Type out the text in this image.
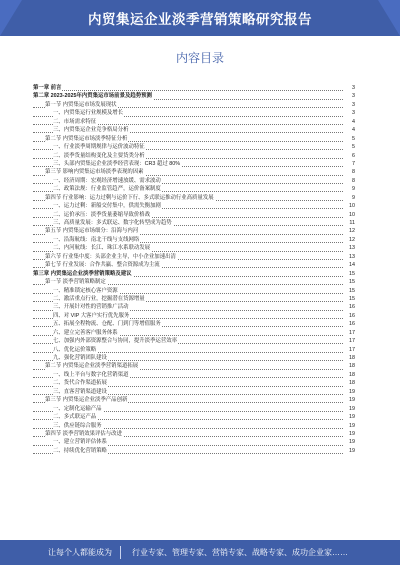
内贸集运企业淡季营销策略研究报告
内容目录
第一章 前言	3
第二章 2023-2025年内贸集运市场前景及趋势预测	3
第一节 内贸集运市场发展现状	3
一、内贸集运行业规模及增长	3
二、市场需求特征	4
三、内贸集运企业竞争格局分析	4
第二节 内贸集运市场淡季特征分析	5
一、行业淡季周期规律与运价波动特征	5
二、淡季货量结构变化及主要货类分析	6
三、头部内贸集运企业淡季经营表现：CR3 超过 80%	7
第三节 影响内贸集运市场淡季表现的因素	8
一、经济周期：宏观经济增速放缓、需求波动	8
二、政策法规：行业监管趋严，运价备案制度	9
第四节 行业影响：运力过剩与运价下行、多式联运推动行业高质量发展	9
一、运力过剩：新船交付集中，供需失衡加剧	10
二、运价承压：淡季货量萎缩导致价格战	10
三、高质量发展：多式联运、数字化转型成为趋势	11
第五节 内贸集运市场细分：沿海与内河	12
一、沿海航线：南北干线与支线网络	12
二、内河航线：长江、珠江水系联动发展	13
第六节 行业集中度：头部企业主导，中小企业加速出清	13
第七节 行业发展：合作共赢、整合资源成为主流	14
第三章 内贸集运企业淡季营销策略及建议	15
第一节 淡季营销策略制定	15
一、精准锁定核心客户资源	15
二、激活重点行业，挖掘潜在货源增量	15
三、开展针对性的营销推广活动	16
四、对 VIP 大客户实行优先服务	16
五、拓展全程物流、仓配、门到门等增值服务	16
六、建立完善客户服务体系	17
七、加强内外部资源整合与协同，提升淡季运营效率	17
八、优化运价策略	17
九、强化营销团队建设	18
第二节 内贸集运企业淡季营销渠道拓展	18
一、线上平台与数字化营销渠道	18
二、货代合作渠道拓展	18
三、直客营销渠道建设	19
第三节 内贸集运企业淡季产品创新	19
一、定制化运输产品	19
二、多式联运产品	19
三、供应链综合服务	19
第四节 淡季营销效果评估与改进	19
一、建立营销评估体系	19
二、持续优化营销策略	19
让每个人都能成为	行业专家、管理专家、营销专家、战略专家、成功企业家……
